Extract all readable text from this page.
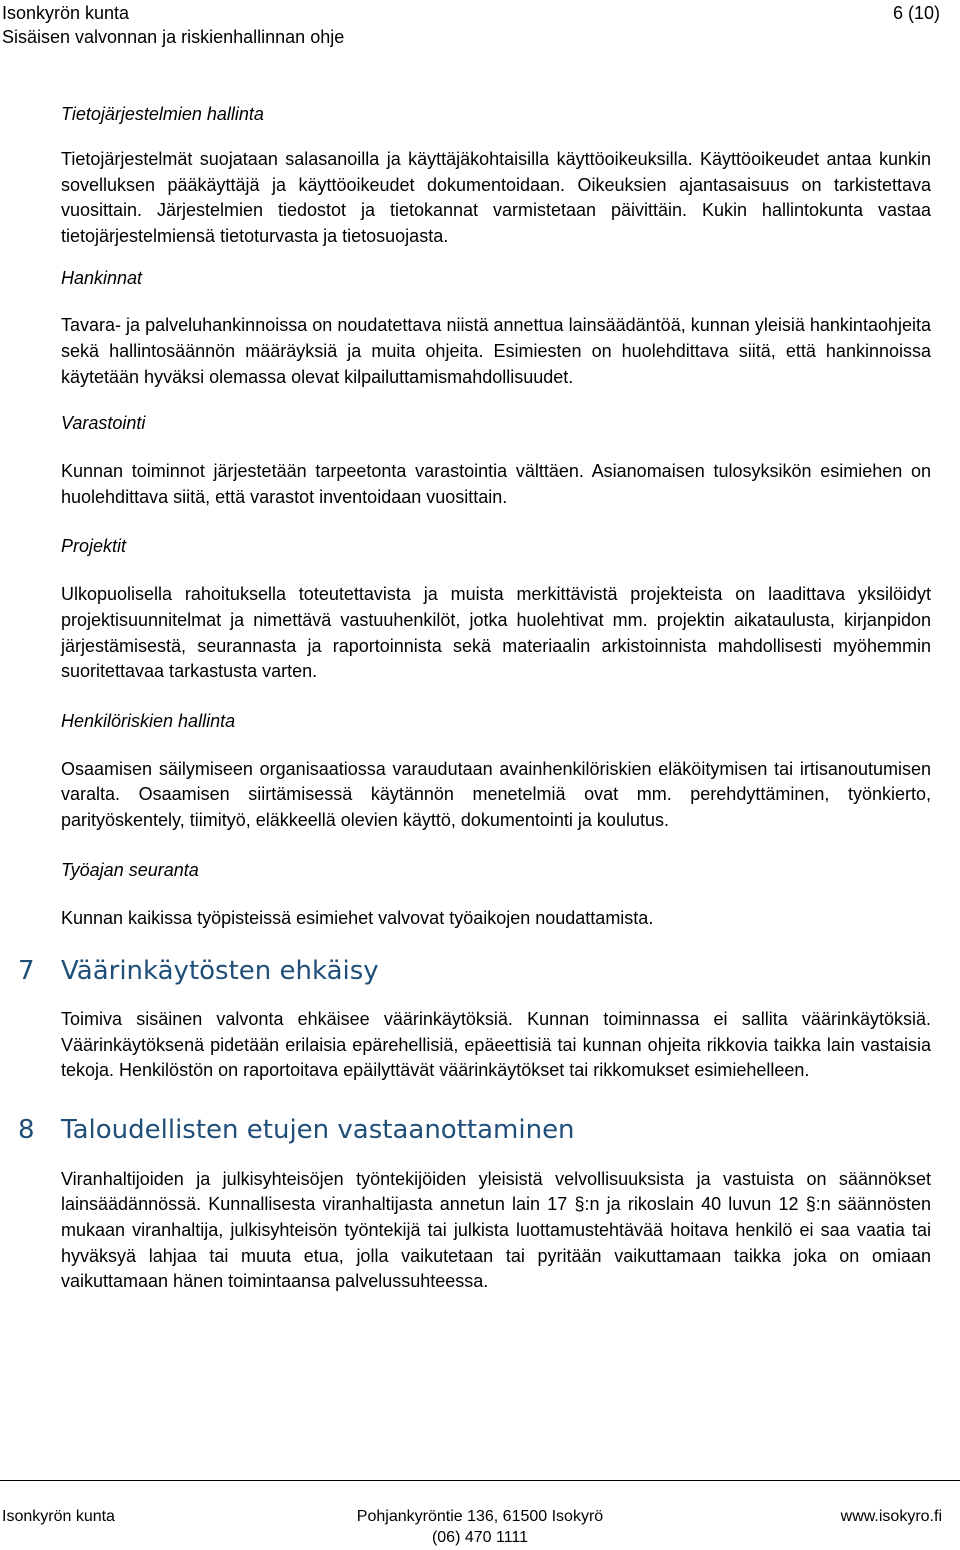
Isonkyrön kunta
Sisäisen valvonnan ja riskienhallinnan ohje
6 (10)

Tietojärjestelmien hallinta

Tietojärjestelmät suojataan salasanoilla ja käyttäjäkohtaisilla käyttöoikeuksilla. Käyttöoikeudet antaa kunkin sovelluksen pääkäyttäjä ja käyttöoikeudet dokumentoidaan. Oikeuksien ajantasaisuus on tarkistettava vuosittain. Järjestelmien tiedostot ja tietokannat varmistetaan päivittäin. Kukin hallintokunta vastaa tietojärjestelmiensä tietoturvasta ja tietosuojasta.

Hankinnat

Tavara- ja palveluhankinnoissa on noudatettava niistä annettua lainsäädäntöä, kunnan yleisiä hankintaohjeita sekä hallintosäännön määräyksiä ja muita ohjeita. Esimiesten on huolehdittava siitä, että hankinnoissa käytetään hyväksi olemassa olevat kilpailuttamismahdollisuudet.

Varastointi

Kunnan toiminnot järjestetään tarpeetonta varastointia välttäen. Asianomaisen tulosyksikön esimiehen on huolehdittava siitä, että varastot inventoidaan vuosittain.

Projektit

Ulkopuolisella rahoituksella toteutettavista ja muista merkittävistä projekteista on laadittava yksilöidyt projektisuunnitelmat ja nimettävä vastuuhenkilöt, jotka huolehtivat mm. projektin aikataulusta, kirjanpidon järjestämisestä, seurannasta ja raportoinnista sekä materiaalin arkistoinnista mahdollisesti myöhemmin suoritettavaa tarkastusta varten.

Henkilöriskien hallinta

Osaamisen säilymiseen organisaatiossa varaudutaan avainhenkilöriskien eläköitymisen tai irtisanoutumisen varalta. Osaamisen siirtämisessä käytännön menetelmiä ovat mm. perehdyttäminen, työnkierto, parityöskentely, tiimityö, eläkkeellä olevien käyttö, dokumentointi ja koulutus.

Työajan seuranta

Kunnan kaikissa työpisteissä esimiehet valvovat työaikojen noudattamista.

7 Väärinkäytösten ehkäisy

Toimiva sisäinen valvonta ehkäisee väärinkäytöksiä. Kunnan toiminnassa ei sallita väärinkäytöksiä. Väärinkäytöksenä pidetään erilaisia epärehellisiä, epäeettisiä tai kunnan ohjeita rikkovia taikka lain vastaisia tekoja. Henkilöstön on raportoitava epäilyttävät väärinkäytökset tai rikkomukset esimiehelleen.

8 Taloudellisten etujen vastaanottaminen

Viranhaltijoiden ja julkisyhteisöjen työntekijöiden yleisistä velvollisuuksista ja vastuista on säännökset lainsäädännössä. Kunnallisesta viranhaltijasta annetun lain 17 §:n ja rikoslain 40 luvun 12 §:n säännösten mukaan viranhaltija, julkisyhteisön työntekijä tai julkista luottamustehtävää hoitava henkilö ei saa vaatia tai hyväksyä lahjaa tai muuta etua, jolla vaikutetaan tai pyritään vaikuttamaan taikka joka on omiaan vaikuttamaan hänen toimintaansa palvelussuhteessa.

Isonkyrön kunta	Pohjankyröntie 136, 61500 Isokyrö
(06) 470 1111
www.isokyro.fi
